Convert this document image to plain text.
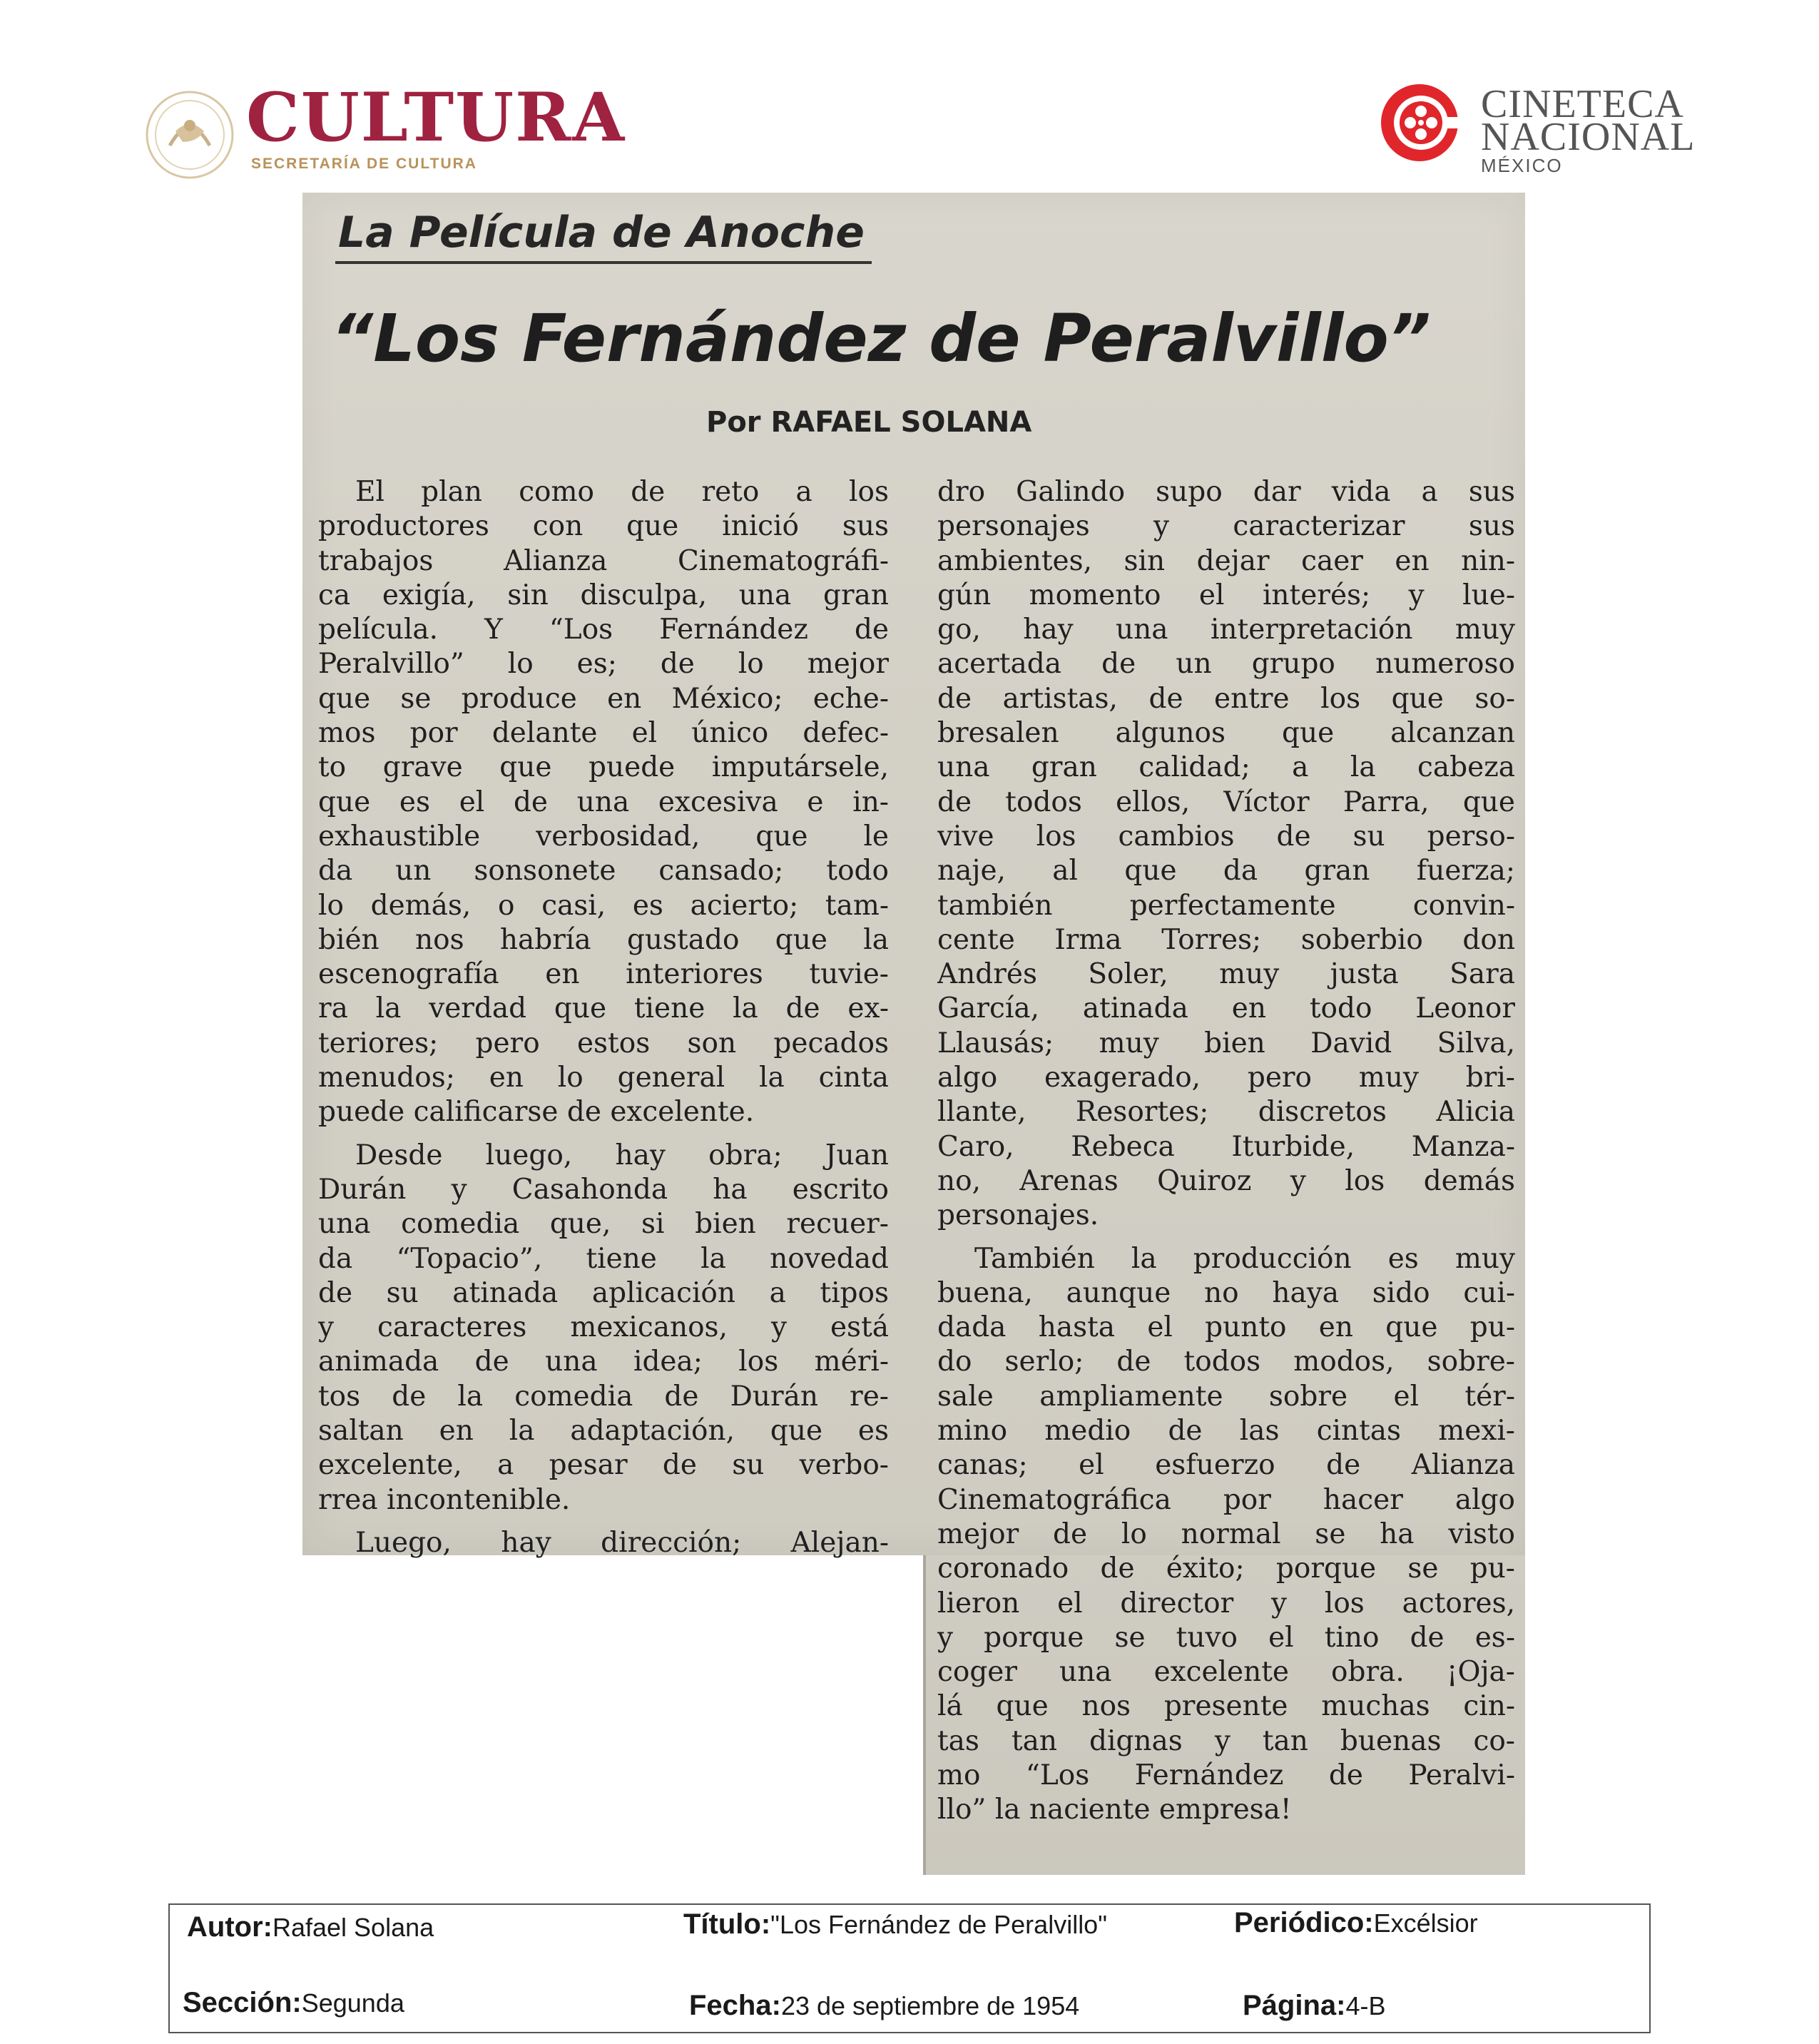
CULTURA
SECRETARÍA DE CULTURA
CINETECA
NACIONAL
MÉXICO
La Película de Anoche
“Los Fernández de Peralvillo”
Por RAFAEL SOLANA

El plan como de reto a los
productores con que inició sus
trabajos Alianza Cinematográfi-
ca exigía, sin disculpa, una gran
película. Y “Los Fernández de
Peralvillo” lo es; de lo mejor
que se produce en México; eche-
mos por delante el único defec-
to grave que puede imputársele,
que es el de una excesiva e in-
exhaustible verbosidad, que le
da un sonsonete cansado; todo
lo demás, o casi, es acierto; tam-
bién nos habría gustado que la
escenografía en interiores tuvie-
ra la verdad que tiene la de ex-
teriores; pero estos son pecados
menudos; en lo general la cinta
puede calificarse de excelente.

Desde luego, hay obra; Juan
Durán y Casahonda ha escrito
una comedia que, si bien recuer-
da “Topacio”, tiene la novedad
de su atinada aplicación a tipos
y caracteres mexicanos, y está
animada de una idea; los méri-
tos de la comedia de Durán re-
saltan en la adaptación, que es
excelente, a pesar de su verbo-
rrea incontenible.

Luego, hay dirección; Alejan-

dro Galindo supo dar vida a sus
personajes y caracterizar sus
ambientes, sin dejar caer en nin-
gún momento el interés; y lue-
go, hay una interpretación muy
acertada de un grupo numeroso
de artistas, de entre los que so-
bresalen algunos que alcanzan
una gran calidad; a la cabeza
de todos ellos, Víctor Parra, que
vive los cambios de su perso-
naje, al que da gran fuerza;
también perfectamente convin-
cente Irma Torres; soberbio don
Andrés Soler, muy justa Sara
García, atinada en todo Leonor
Llausás; muy bien David Silva,
algo exagerado, pero muy bri-
llante, Resortes; discretos Alicia
Caro, Rebeca Iturbide, Manza-
no, Arenas Quiroz y los demás
personajes.

También la producción es muy
buena, aunque no haya sido cui-
dada hasta el punto en que pu-
do serlo; de todos modos, sobre-
sale ampliamente sobre el tér-
mino medio de las cintas mexi-
canas; el esfuerzo de Alianza
Cinematográfica por hacer algo
mejor de lo normal se ha visto
coronado de éxito; porque se pu-
lieron el director y los actores,
y porque se tuvo el tino de es-
coger una excelente obra. ¡Oja-
lá que nos presente muchas cin-
tas tan dignas y tan buenas co-
mo “Los Fernández de Peralvi-
llo” la naciente empresa!

Autor:Rafael Solana	Título:"Los Fernández de Peralvillo"	Periódico:Excélsior
Sección:Segunda	Fecha:23 de septiembre de 1954	Página:4-B
